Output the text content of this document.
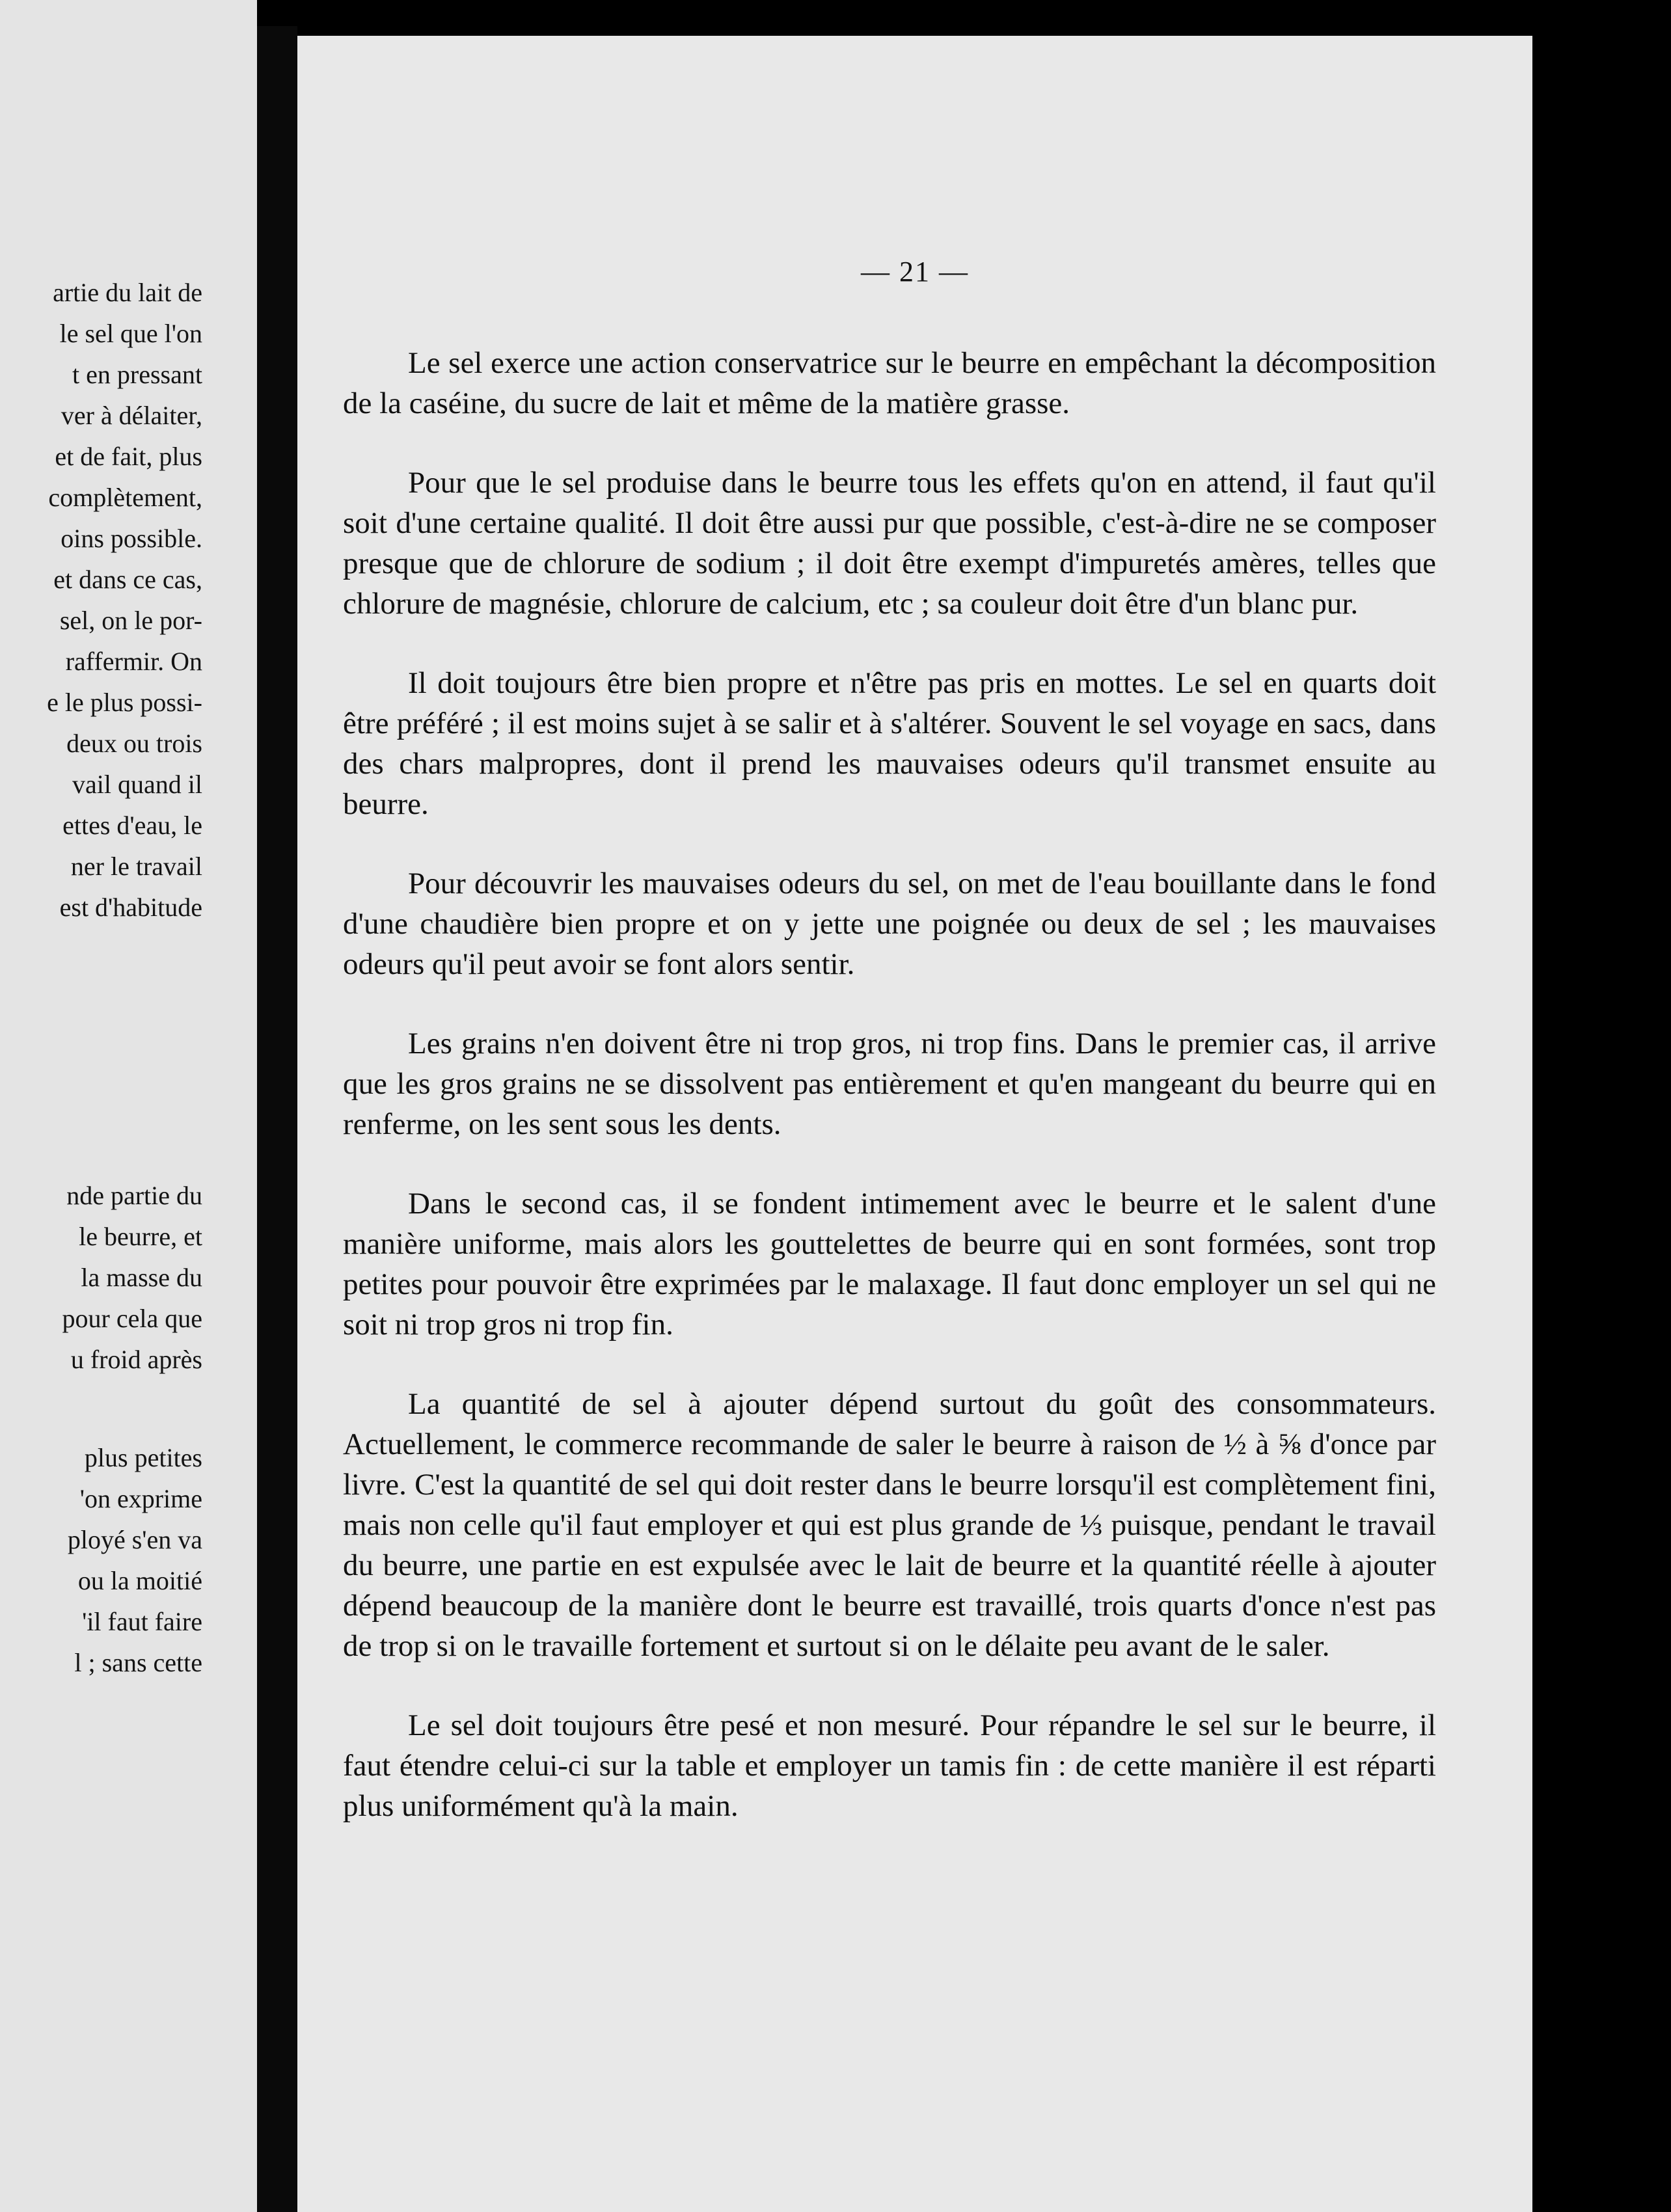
artie du lait de
le sel que l'on
t en pressant
ver à délaiter,
et de fait, plus
complètement,
oins possible.
et dans ce cas,
sel, on le por-
raffermir. On
e le plus possi-
deux ou trois
vail quand il
ettes d'eau, le
ner le travail
est d'habitude
nde partie du
le beurre, et
la masse du
pour cela que
u froid après
plus petites
'on exprime
ployé s'en va
ou la moitié
'il faut faire
l ; sans cette
— 21 —

Le sel exerce une action conservatrice sur le beurre en empêchant la décomposition de la caséine, du sucre de lait et même de la matière grasse.

Pour que le sel produise dans le beurre tous les effets qu'on en attend, il faut qu'il soit d'une certaine qualité. Il doit être aussi pur que possible, c'est-à-dire ne se composer presque que de chlorure de sodium ; il doit être exempt d'impuretés amères, telles que chlorure de magnésie, chlorure de calcium, etc ; sa couleur doit être d'un blanc pur.

Il doit toujours être bien propre et n'être pas pris en mottes. Le sel en quarts doit être préféré ; il est moins sujet à se salir et à s'altérer. Souvent le sel voyage en sacs, dans des chars malpropres, dont il prend les mauvaises odeurs qu'il transmet ensuite au beurre.

Pour découvrir les mauvaises odeurs du sel, on met de l'eau bouillante dans le fond d'une chaudière bien propre et on y jette une poignée ou deux de sel ; les mauvaises odeurs qu'il peut avoir se font alors sentir.

Les grains n'en doivent être ni trop gros, ni trop fins. Dans le premier cas, il arrive que les gros grains ne se dissolvent pas entièrement et qu'en mangeant du beurre qui en renferme, on les sent sous les dents.

Dans le second cas, il se fondent intimement avec le beurre et le salent d'une manière uniforme, mais alors les gouttelettes de beurre qui en sont formées, sont trop petites pour pouvoir être exprimées par le malaxage. Il faut donc employer un sel qui ne soit ni trop gros ni trop fin.

La quantité de sel à ajouter dépend surtout du goût des consommateurs. Actuellement, le commerce recommande de saler le beurre à raison de ½ à ⅝ d'once par livre. C'est la quantité de sel qui doit rester dans le beurre lorsqu'il est complètement fini, mais non celle qu'il faut employer et qui est plus grande de ⅓ puisque, pendant le travail du beurre, une partie en est expulsée avec le lait de beurre et la quantité réelle à ajouter dépend beaucoup de la manière dont le beurre est travaillé, trois quarts d'once n'est pas de trop si on le travaille fortement et surtout si on le délaite peu avant de le saler.

Le sel doit toujours être pesé et non mesuré. Pour répandre le sel sur le beurre, il faut étendre celui-ci sur la table et employer un tamis fin : de cette manière il est réparti plus uniformément qu'à la main.
